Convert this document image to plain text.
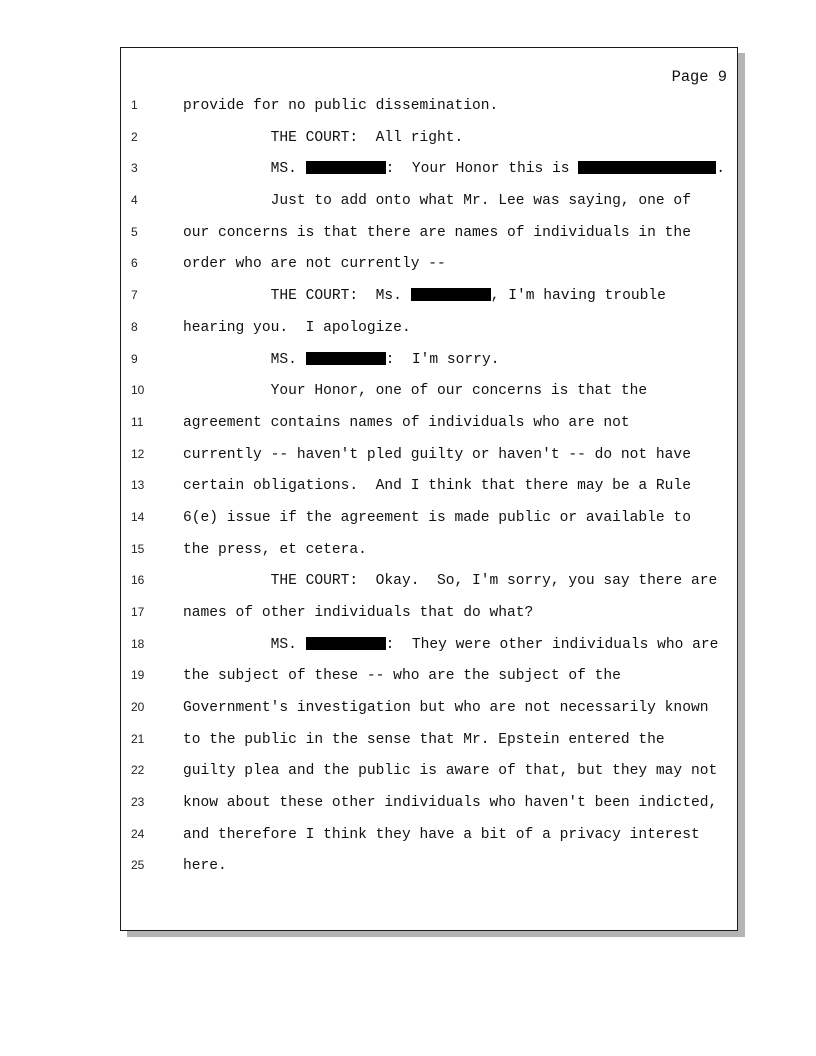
Page 9
1	provide for no public dissemination.
2	THE COURT:  All right.
3	MS.	:  Your Honor this is	.
4	Just to add onto what Mr. Lee was saying, one of
5	our concerns is that there are names of individuals in the
6	order who are not currently --
7	THE COURT:  Ms.	, I'm having trouble
8	hearing you.  I apologize.
9	MS.	:  I'm sorry.
10	Your Honor, one of our concerns is that the
11	agreement contains names of individuals who are not
12	currently -- haven't pled guilty or haven't -- do not have
13	certain obligations.  And I think that there may be a Rule
14	6(e) issue if the agreement is made public or available to
15	the press, et cetera.
16	THE COURT:  Okay.  So, I'm sorry, you say there are
17	names of other individuals that do what?
18	MS.	:  They were other individuals who are
19	the subject of these -- who are the subject of the
20	Government's investigation but who are not necessarily known
21	to the public in the sense that Mr. Epstein entered the
22	guilty plea and the public is aware of that, but they may not
23	know about these other individuals who haven't been indicted,
24	and therefore I think they have a bit of a privacy interest
25	here.
